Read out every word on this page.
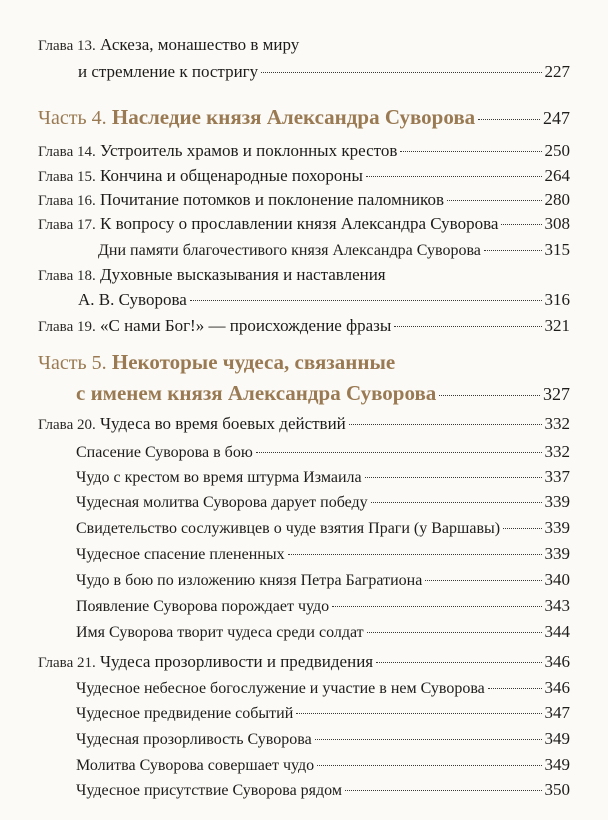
Глава 13.
Аскеза, монашество в миру
и стремление к постригу	227
Часть 4.
Наследие князя Александра Суворова	247
Глава 14.
Устроитель храмов и поклонных крестов	250
Глава 15.
Кончина и общенародные похороны	264
Глава 16.
Почитание потомков и поклонение паломников	280
Глава 17.
К вопросу о прославлении князя Александра Суворова	308
Дни памяти благочестивого князя Александра Суворова	315
Глава 18.
Духовные высказывания и наставления
А. В. Суворова	316
Глава 19.
«С нами Бог!» — происхождение фразы	321
Часть 5.
Некоторые чудеса, связанные
с именем князя Александра Суворова	327
Глава 20.
Чудеса во время боевых действий	332
Спасение Суворова в бою	332
Чудо с крестом во время штурма Измаила	337
Чудесная молитва Суворова дарует победу	339
Свидетельство сослуживцев о чуде взятия Праги (у Варшавы)	339
Чудесное спасение плененных	339
Чудо в бою по изложению князя Петра Багратиона	340
Появление Суворова порождает чудо	343
Имя Суворова творит чудеса среди солдат	344
Глава 21.
Чудеса прозорливости и предвидения	346
Чудесное небесное богослужение и участие в нем Суворова	346
Чудесное предвидение событий	347
Чудесная прозорливость Суворова	349
Молитва Суворова совершает чудо	349
Чудесное присутствие Суворова рядом	350
